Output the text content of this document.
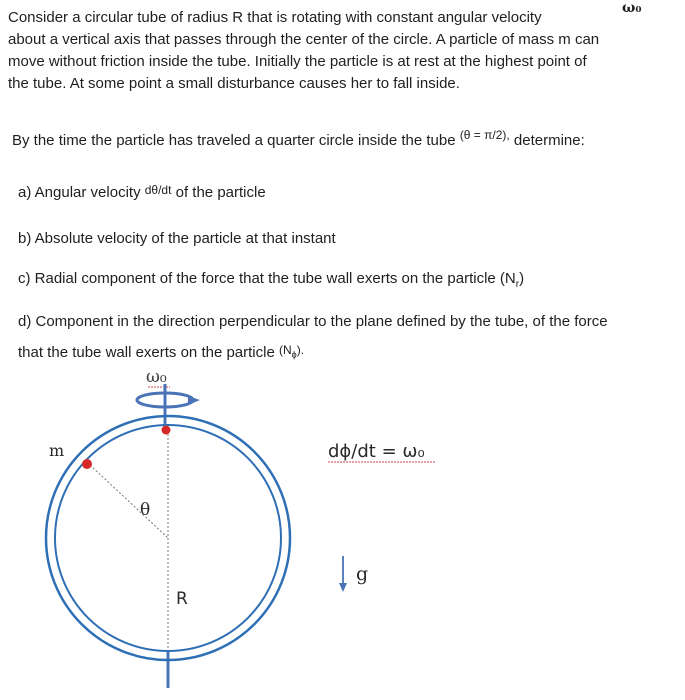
ω₀
Consider a circular tube of radius R that is rotating with constant angular velocity
about a vertical axis that passes through the center of the circle. A particle of mass m can
move without friction inside the tube. Initially the particle is at rest at the highest point of
the tube. At some point a small disturbance causes her to fall inside.
By the time the particle has traveled a quarter circle inside the tube $^{(\theta = \pi/2),}$ determine:
a) Angular velocity $^{d\theta/dt}$ of the particle
b) Absolute velocity of the particle at that instant
c) Radial component of the force that the tube wall exerts on the particle $(N_r)$
d) Component in the direction perpendicular to the plane defined by the tube, of the force
that the tube wall exerts on the particle $^{(N_\phi).}$
ω₀
m
θ
R
dϕ/dt = ω₀
g
